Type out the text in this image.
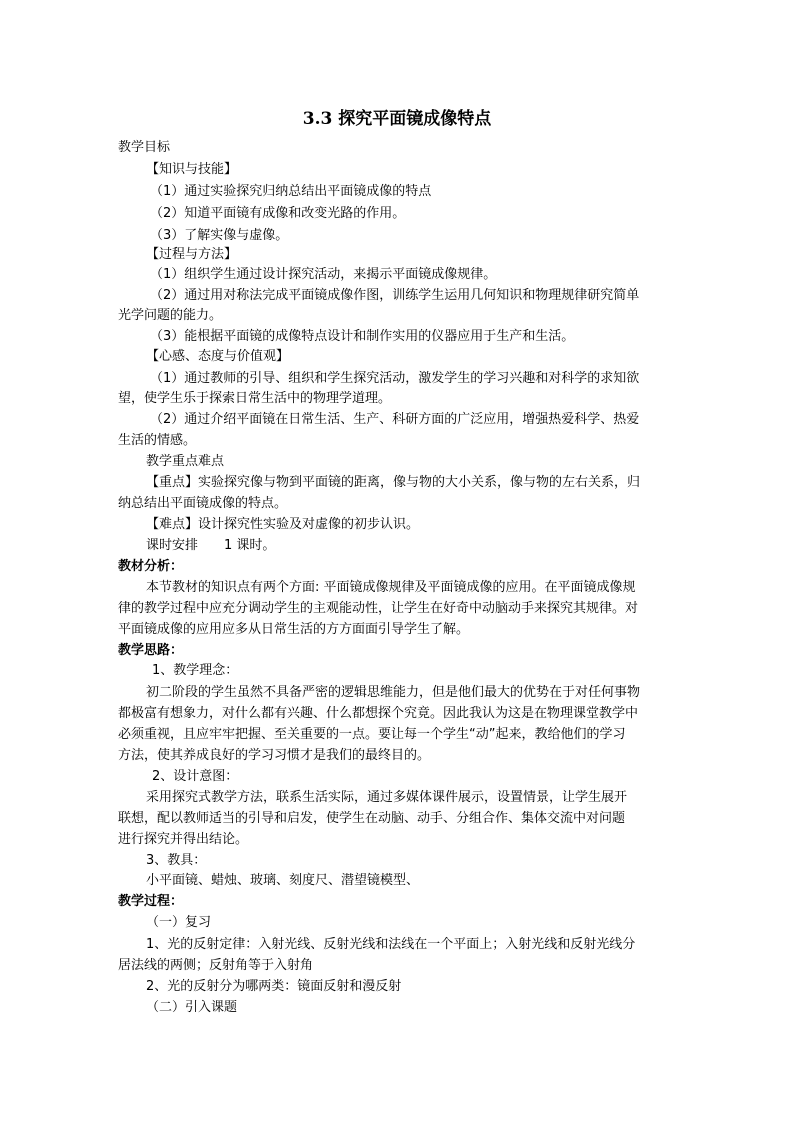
3.3 探究平面镜成像特点
教学目标
【知识与技能】
（1）通过实验探究归纳总结出平面镜成像的特点
（2）知道平面镜有成像和改变光路的作用。
（3）了解实像与虚像。
【过程与方法】
（1）组织学生通过设计探究活动，来揭示平面镜成像规律。
（2）通过用对称法完成平面镜成像作图，训练学生运用几何知识和物理规律研究简单
光学问题的能力。
（3）能根据平面镜的成像特点设计和制作实用的仪器应用于生产和生活。
【心感、态度与价值观】
（1）通过教师的引导、组织和学生探究活动，激发学生的学习兴趣和对科学的求知欲
望，使学生乐于探索日常生活中的物理学道理。
（2）通过介绍平面镜在日常生活、生产、科研方面的广泛应用，增强热爱科学、热爱
生活的情感。
教学重点难点
【重点】实验探究像与物到平面镜的距离，像与物的大小关系，像与物的左右关系，归
纳总结出平面镜成像的特点。
【难点】设计探究性实验及对虚像的初步认识。
课时安排　　1 课时。
教材分析：
本节教材的知识点有两个方面: 平面镜成像规律及平面镜成像的应用。在平面镜成像规
律的教学过程中应充分调动学生的主观能动性，让学生在好奇中动脑动手来探究其规律。对
平面镜成像的应用应多从日常生活的方方面面引导学生了解。
教学思路：
1、教学理念：
初二阶段的学生虽然不具备严密的逻辑思维能力，但是他们最大的优势在于对任何事物
都极富有想象力，对什么都有兴趣、什么都想探个究竟。因此我认为这是在物理课堂教学中
必须重视，且应牢牢把握、至关重要的一点。要让每一个学生“动”起来，教给他们的学习
方法，使其养成良好的学习习惯才是我们的最终目的。
2、设计意图：
采用探究式教学方法，联系生活实际，通过多媒体课件展示，设置情景，让学生展开
联想，配以教师适当的引导和启发，使学生在动脑、动手、分组合作、集体交流中对问题
进行探究并得出结论。
3、教具：
小平面镜、蜡烛、玻璃、刻度尺、潜望镜模型、
教学过程：
（一）复习
1、光的反射定律：入射光线、反射光线和法线在一个平面上；入射光线和反射光线分
居法线的两侧；反射角等于入射角
2、光的反射分为哪两类：镜面反射和漫反射
（二）引入课题
